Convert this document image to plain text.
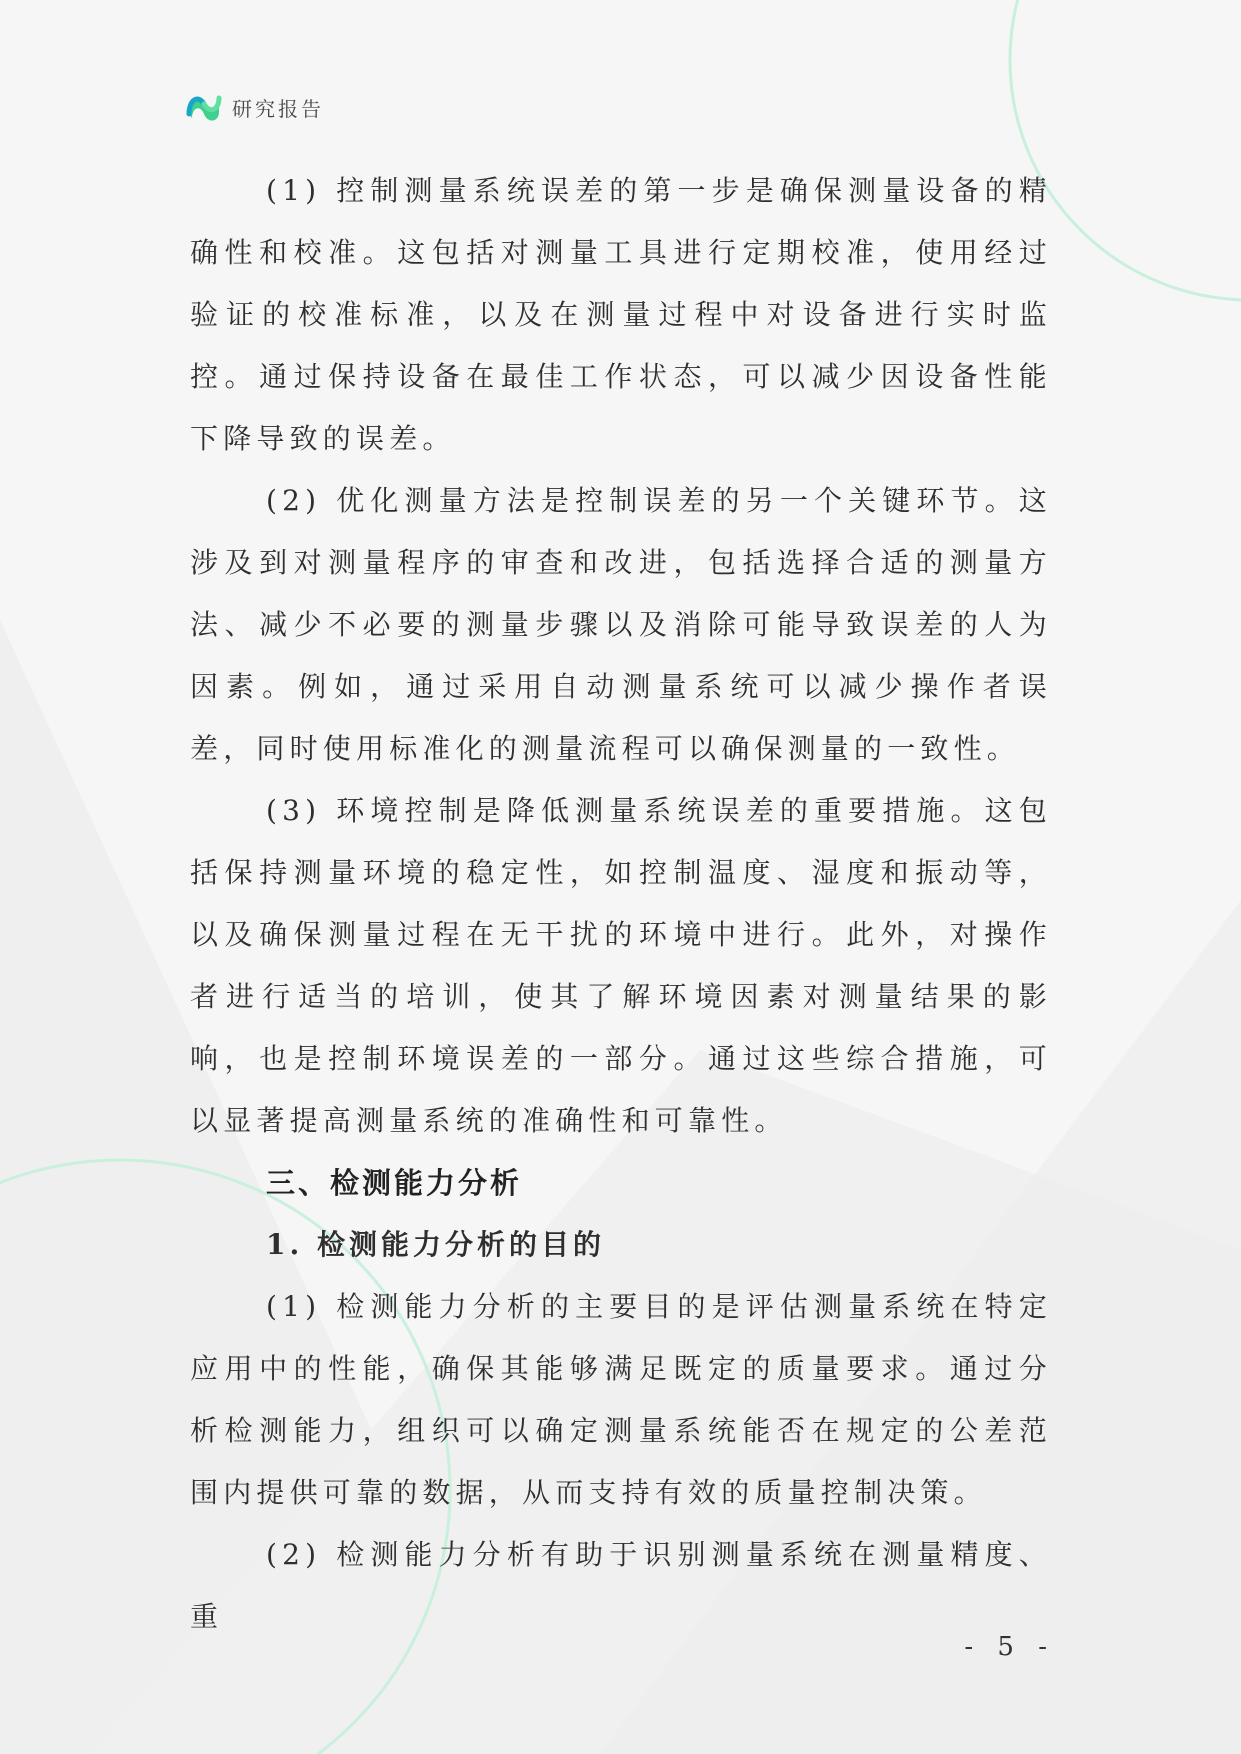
研究报告

(1) 控制测量系统误差的第一步是确保测量设备的精确性和校准。这包括对测量工具进行定期校准，使用经过验证的校准标准，以及在测量过程中对设备进行实时监控。通过保持设备在最佳工作状态，可以减少因设备性能下降导致的误差。

(2) 优化测量方法是控制误差的另一个关键环节。这涉及到对测量程序的审查和改进，包括选择合适的测量方法、减少不必要的测量步骤以及消除可能导致误差的人为因素。例如，通过采用自动测量系统可以减少操作者误差，同时使用标准化的测量流程可以确保测量的一致性。

(3) 环境控制是降低测量系统误差的重要措施。这包括保持测量环境的稳定性，如控制温度、湿度和振动等，以及确保测量过程在无干扰的环境中进行。此外，对操作者进行适当的培训，使其了解环境因素对测量结果的影响，也是控制环境误差的一部分。通过这些综合措施，可以显著提高测量系统的准确性和可靠性。

三、检测能力分析
1. 检测能力分析的目的

(1) 检测能力分析的主要目的是评估测量系统在特定应用中的性能，确保其能够满足既定的质量要求。通过分析检测能力，组织可以确定测量系统能否在规定的公差范围内提供可靠的数据，从而支持有效的质量控制决策。

(2) 检测能力分析有助于识别测量系统在测量精度、重

- 5 -
